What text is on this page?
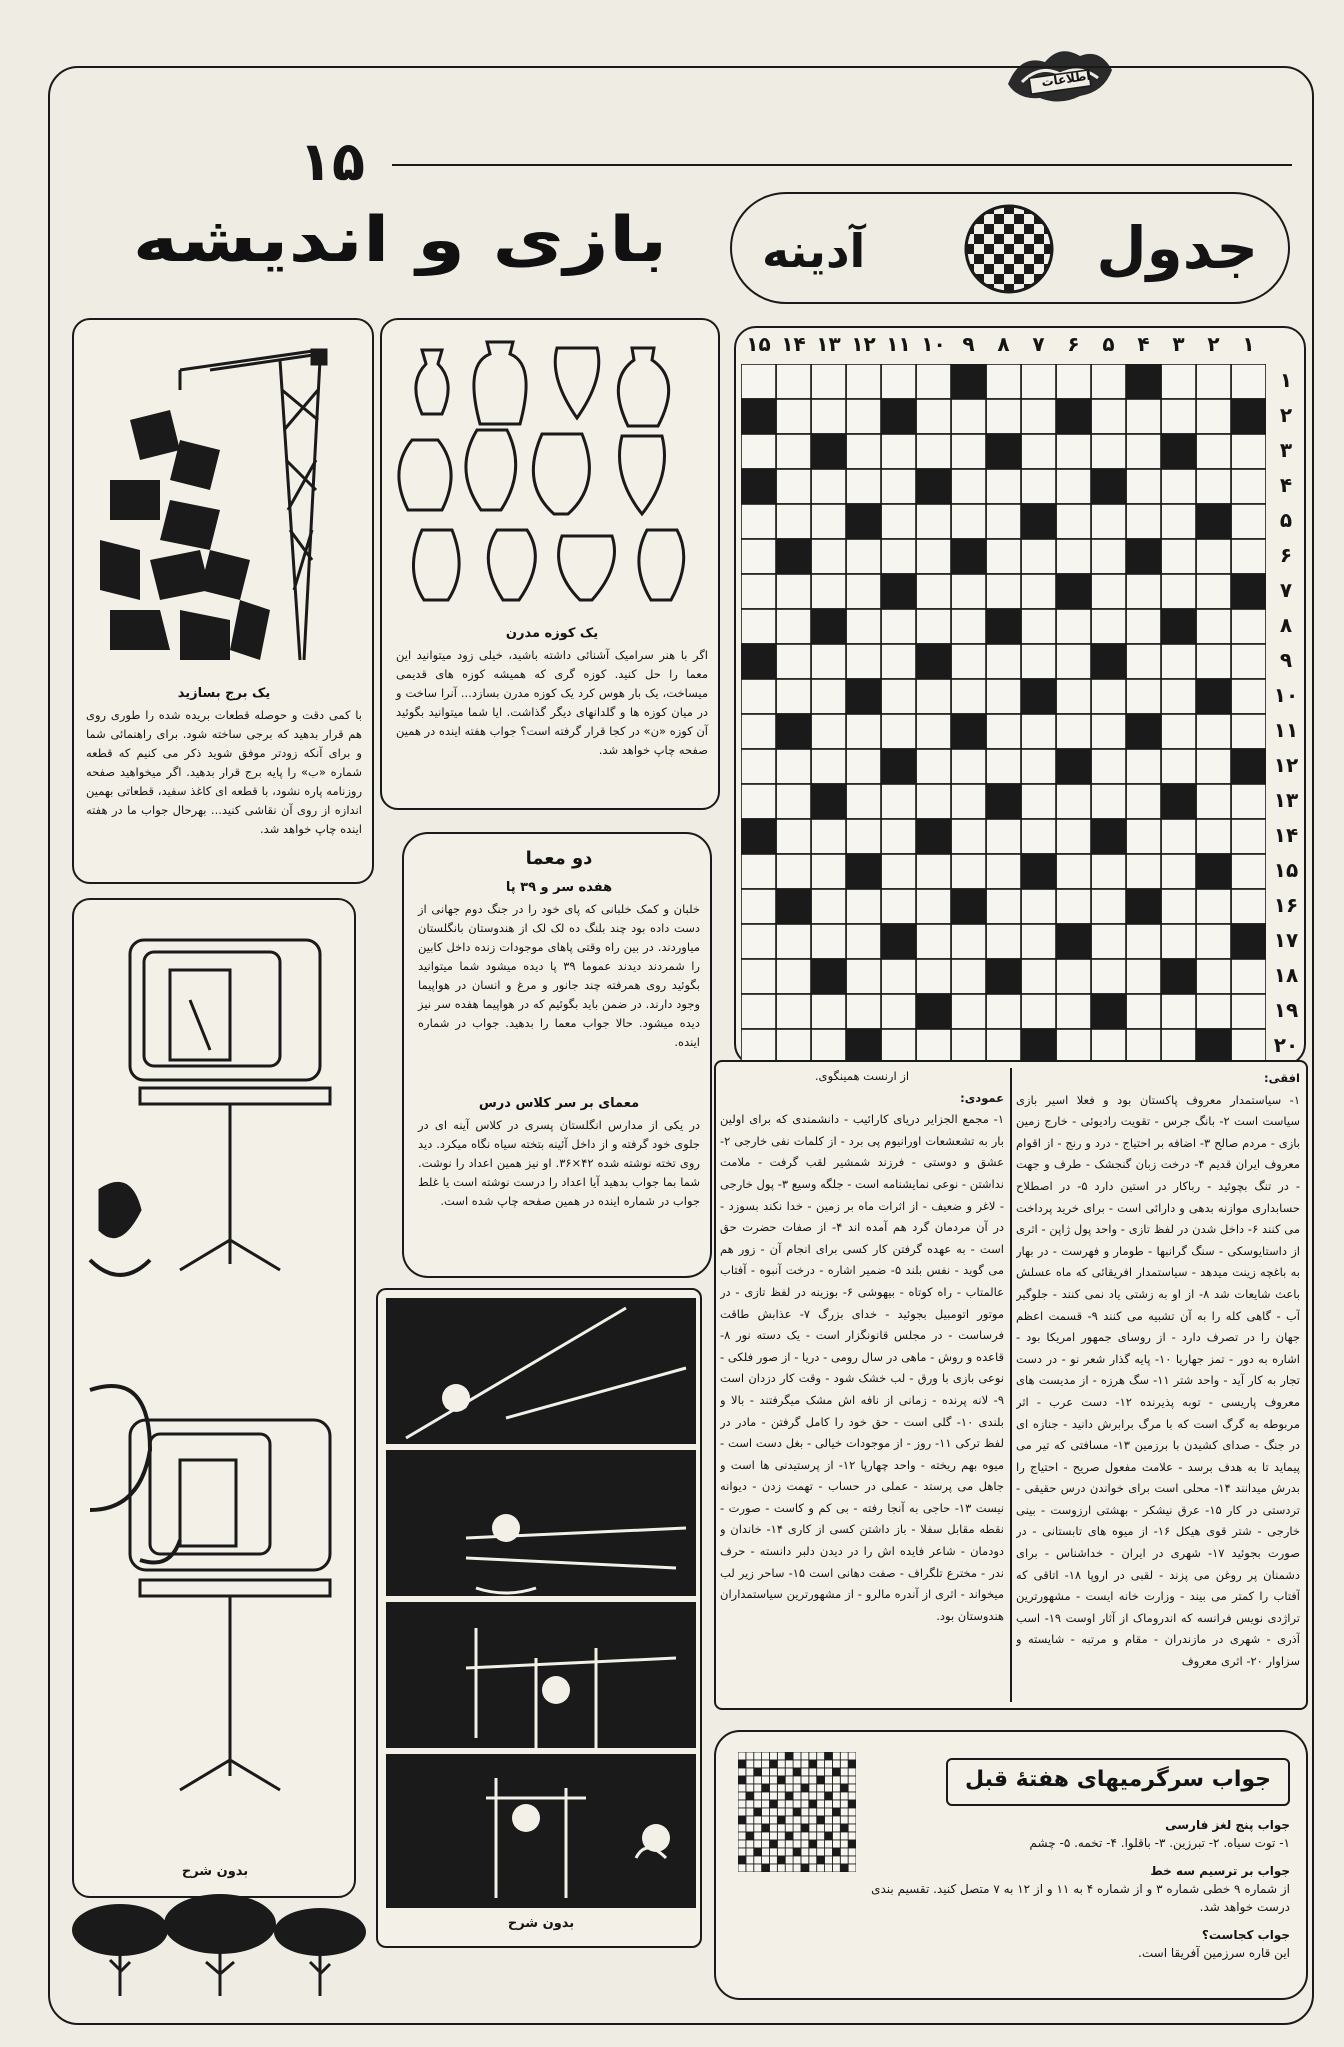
اطلاعات
۱۵
بازی و اندیشه	جدول
آدینه
۱
۲
۳
۴
۵
۶
۷
۸
۹
۱۰
۱۱
۱۲
۱۳
۱۴
۱۵
۱
۲
۳
۴
۵
۶
۷
۸
۹
۱۰
۱۱
۱۲
۱۳
۱۴
۱۵
۱۶
۱۷
۱۸
۱۹
۲۰
افقی:
۱- سیاستمدار معروف پاکستان بود و فعلا اسیر بازی سیاست است ۲- بانگ جرس - تقویت رادیوئی - خارج زمین بازی - مردم صالح ۳- اضافه بر احتیاج - درد و رنج - از اقوام معروف ایران قدیم ۴- درخت زبان گنجشک - طرف و جهت - در تنگ بچوئید - رباکار در استین دارد ۵- در اصطلاح حسابداری موازنه بدهی و دارائی است - برای خرید پرداخت می کنند ۶- داخل شدن در لفظ تازی - واحد پول ژاپن - اثری از داستایوسکی - سنگ گرانبها - طومار و فهرست - در بهار به باغچه زینت میدهد - سیاستمدار افریقائی که ماه عسلش باعث شایعات شد ۸- از او به زشتی یاد نمی کنند - جلوگیر آب - گاهی کله را به آن تشبیه می کنند ۹- قسمت اعظم جهان را در تصرف دارد - از روسای جمهور امریکا بود - اشاره به دور - تمز جهاریا ۱۰- پایه گذار شعر نو - در دست تجار به کار آید - واحد شتر ۱۱- سگ هرزه - از مدیست های معروف پاریسی - توبه پذیرنده ۱۲- دست عرب - اثر مربوطه به گرگ است که با مرگ برابرش دانید - جنازه ای در جنگ - صدای کشیدن با برزمین ۱۳- مسافتی که تیر می پیماید تا به هدف برسد - علامت مفعول صریح - احتیاج را بدرش میدانند ۱۴- محلی است برای خواندن درس حقیقی - تردستی در کار ۱۵- عرق نیشکر - بهشتی ارزوست - بینی خارجی - شتر قوی هیکل ۱۶- از میوه های تابستانی - در صورت بجوئید ۱۷- شهری در ایران - خداشناس - برای دشمنان پر روغن می پزند - لقبی در اروپا ۱۸- اتاقی که آفتاب را کمتر می بیند - وزارت خانه ایست - مشهورترین تراژدی نویس فرانسه که اندروماک از آثار اوست ۱۹- اسب آذری - شهری در مازندران - مقام و مرتبه - شایسته و سزاوار ۲۰- اثری معروف
از ارنست همینگوی.
عمودی:
۱- مجمع الجزایر دریای کارائیب - دانشمندی که برای اولین بار به تشعشعات اورانیوم پی برد - از کلمات نفی خارجی ۲- عشق و دوستی - فرزند شمشیر لقب گرفت - ملامت نداشتن - نوعی نمایشنامه است - جلگه وسیع ۳- پول خارجی - لاغر و ضعیف - از اثرات ماه بر زمین - خدا نکند بسوزد - در آن مردمان گرد هم آمده اند ۴- از صفات حضرت حق است - به عهده گرفتن کار کسی برای انجام آن - زور هم می گوید - نفس بلند ۵- ضمیر اشاره - درخت آنبوه - آفتاب عالمتاب - راه کوتاه - بیهوشی ۶- بوزینه در لفظ تازی - در موتور اتومبیل بجوئید - خدای بزرگ ۷- عذابش طاقت فرساست - در مجلس قانونگزار است - یک دسته نور ۸- قاعده و روش - ماهی در سال رومی - دریا - از صور فلکی - نوعی بازی با ورق - لب خشک شود - وقت کار دزدان است ۹- لانه پرنده - زمانی از نافه اش مشک میگرفتند - بالا و بلندی ۱۰- گلی است - حق خود را کامل گرفتن - مادر در لفظ ترکی ۱۱- روز - از موجودات خیالی - بغل دست است - میوه بهم ریخته - واحد چهارپا ۱۲- از پرستیدنی ها است و جاهل می پرستد - عملی در حساب - تهمت زدن - دیوانه نیست ۱۳- حاجی به آنجا رفته - بی کم و کاست - صورت - نقطه مقابل سفلا - باز داشتن کسی از کاری ۱۴- خاندان و دودمان - شاعر فایده اش را در دیدن دلبر دانسته - حرف ندر - مخترع تلگراف - صفت دهانی است ۱۵- ساحر زیر لب میخواند - اثری از آندره مالرو - از مشهورترین سیاستمداران هندوستان بود.
جواب سرگرمیهای هفتهٔ قبل
جواب پنج لغز فارسی
۱- توت سیاه. ۲- تبرزین. ۳- باقلوا. ۴- تخمه. ۵- چشم
جواب بر ترسیم سه خط
از شماره ۹ خطی شماره ۳ و از شماره ۴ به ۱۱ و از ۱۲ به ۷ متصل کنید. تقسیم بندی درست خواهد شد.
جواب کجاست؟
این قاره سرزمین آفریقا است.
یک کوزه مدرن
اگر با هنر سرامیک آشنائی داشته باشید، خیلی زود میتوانید این معما را حل کنید. کوزه گری که همیشه کوزه های قدیمی میساخت، یک بار هوس کرد یک کوزه مدرن بسازد... آنرا ساخت و در میان کوزه ها و گلدانهای دیگر گذاشت. ایا شما میتوانید بگوئید آن کوزه «ن» در کجا قرار گرفته است؟ جواب هفته اینده در همین صفحه چاپ خواهد شد.
یک برج بسازید
با کمی دقت و حوصله قطعات بریده شده را طوری روی هم قرار بدهید که برجی ساخته شود. برای راهنمائی شما و برای آنکه زودتر موفق شوید ذکر می کنیم که قطعه شماره «ب» را پایه برج قرار بدهید. اگر میخواهید صفحه روزنامه پاره نشود، با قطعه ای کاغذ سفید، قطعاتی بهمین اندازه از روی آن نقاشی کنید... بهرحال جواب ما در هفته اینده چاپ خواهد شد.
دو معما
هفده سر و ۳۹ پا
خلبان و کمک خلبانی که پای خود را در جنگ دوم جهانی از دست داده بود چند بلنگ ده لک لک از هندوستان بانگلستان میاوردند. در بین راه وقتی پاهای موجودات زنده داخل کابین را شمردند دیدند عموما ۳۹ پا دیده میشود شما میتوانید بگوئید روی همرفته چند جانور و مرغ و انسان در هواپیما وجود دارند. در ضمن باید بگوئیم که در هواپیما هفده سر نیز دیده میشود. حالا جواب معما را بدهید. جواب در شماره اینده.
معمای بر سر کلاس درس
در یکی از مدارس انگلستان پسری در کلاس آینه ای در جلوی خود گرفته و از داخل آئینه بتخته سیاه نگاه میکرد. دید روی تخته نوشته شده ۴۲×۳۶. او نیز همین اعداد را نوشت. شما بما جواب بدهید آیا اعداد را درست نوشته است یا غلط جواب در شماره اینده در همین صفحه چاپ شده است.
بدون شرح
بدون شرح
